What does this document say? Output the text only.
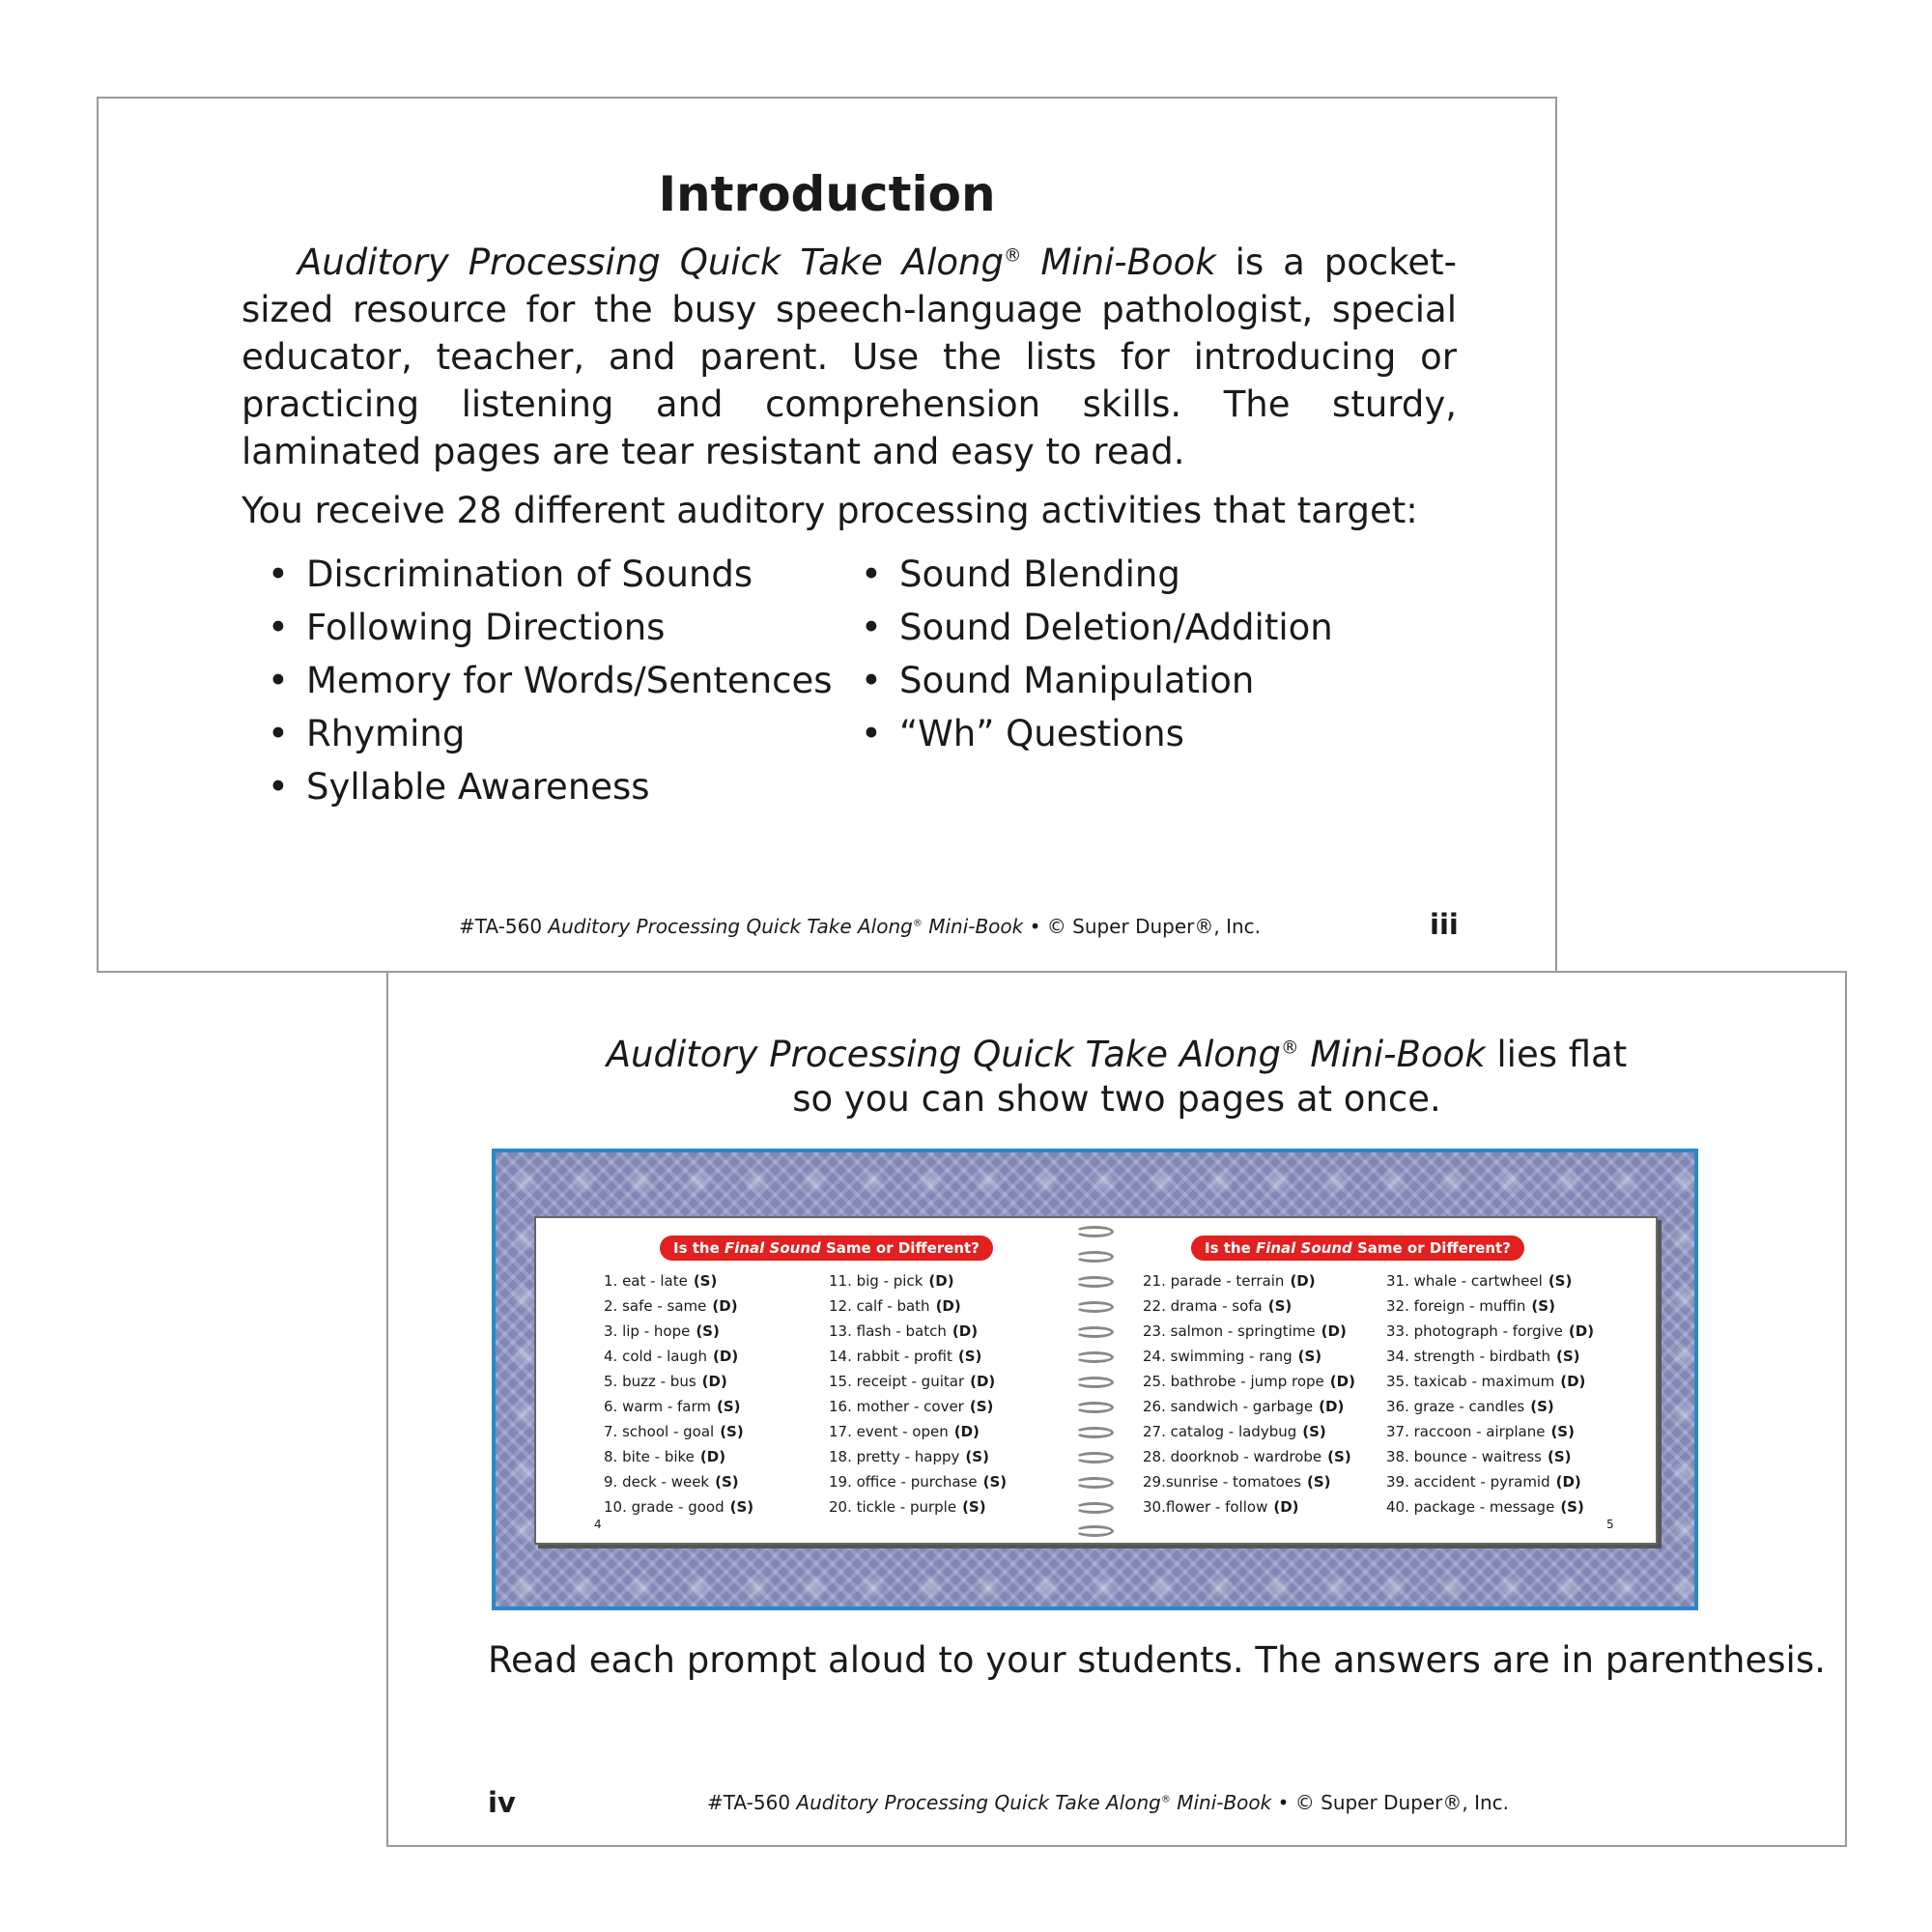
Introduction

Auditory Processing Quick Take Along® Mini-Book is a pocket-sized resource for the busy speech-language pathologist, special educator, teacher, and parent. Use the lists for introducing or practicing listening and comprehension skills. The sturdy, laminated pages are tear resistant and easy to read.

You receive 28 different auditory processing activities that target:

• Discrimination of Sounds
• Following Directions
• Memory for Words/Sentences
• Rhyming
• Syllable Awareness
• Sound Blending
• Sound Deletion/Addition
• Sound Manipulation
• “Wh” Questions
#TA-560 Auditory Processing Quick Take Along® Mini-Book • © Super Duper®, Inc.	iii

Auditory Processing Quick Take Along® Mini-Book lies flat
so you can show two pages at once.

Is the Final Sound Same or Different?
1. eat - late (S)
2. safe - same (D)
3. lip - hope (S)
4. cold - laugh (D)
5. buzz - bus (D)
6. warm - farm (S)
7. school - goal (S)
8. bite - bike (D)
9. deck - week (S)
10. grade - good (S)
11. big - pick (D)
12. calf - bath (D)
13. flash - batch (D)
14. rabbit - profit (S)
15. receipt - guitar (D)
16. mother - cover (S)
17. event - open (D)
18. pretty - happy (S)
19. office - purchase (S)
20. tickle - purple (S)
4
Is the Final Sound Same or Different?
21. parade - terrain (D)
22. drama - sofa (S)
23. salmon - springtime (D)
24. swimming - rang (S)
25. bathrobe - jump rope (D)
26. sandwich - garbage (D)
27. catalog - ladybug (S)
28. doorknob - wardrobe (S)
29.sunrise - tomatoes (S)
30.flower - follow (D)
31. whale - cartwheel (S)
32. foreign - muffin (S)
33. photograph - forgive (D)
34. strength - birdbath (S)
35. taxicab - maximum (D)
36. graze - candles (S)
37. raccoon - airplane (S)
38. bounce - waitress (S)
39. accident - pyramid (D)
40. package - message (S)
5

Read each prompt aloud to your students. The answers are in parenthesis.

iv	#TA-560 Auditory Processing Quick Take Along® Mini-Book • © Super Duper®, Inc.
